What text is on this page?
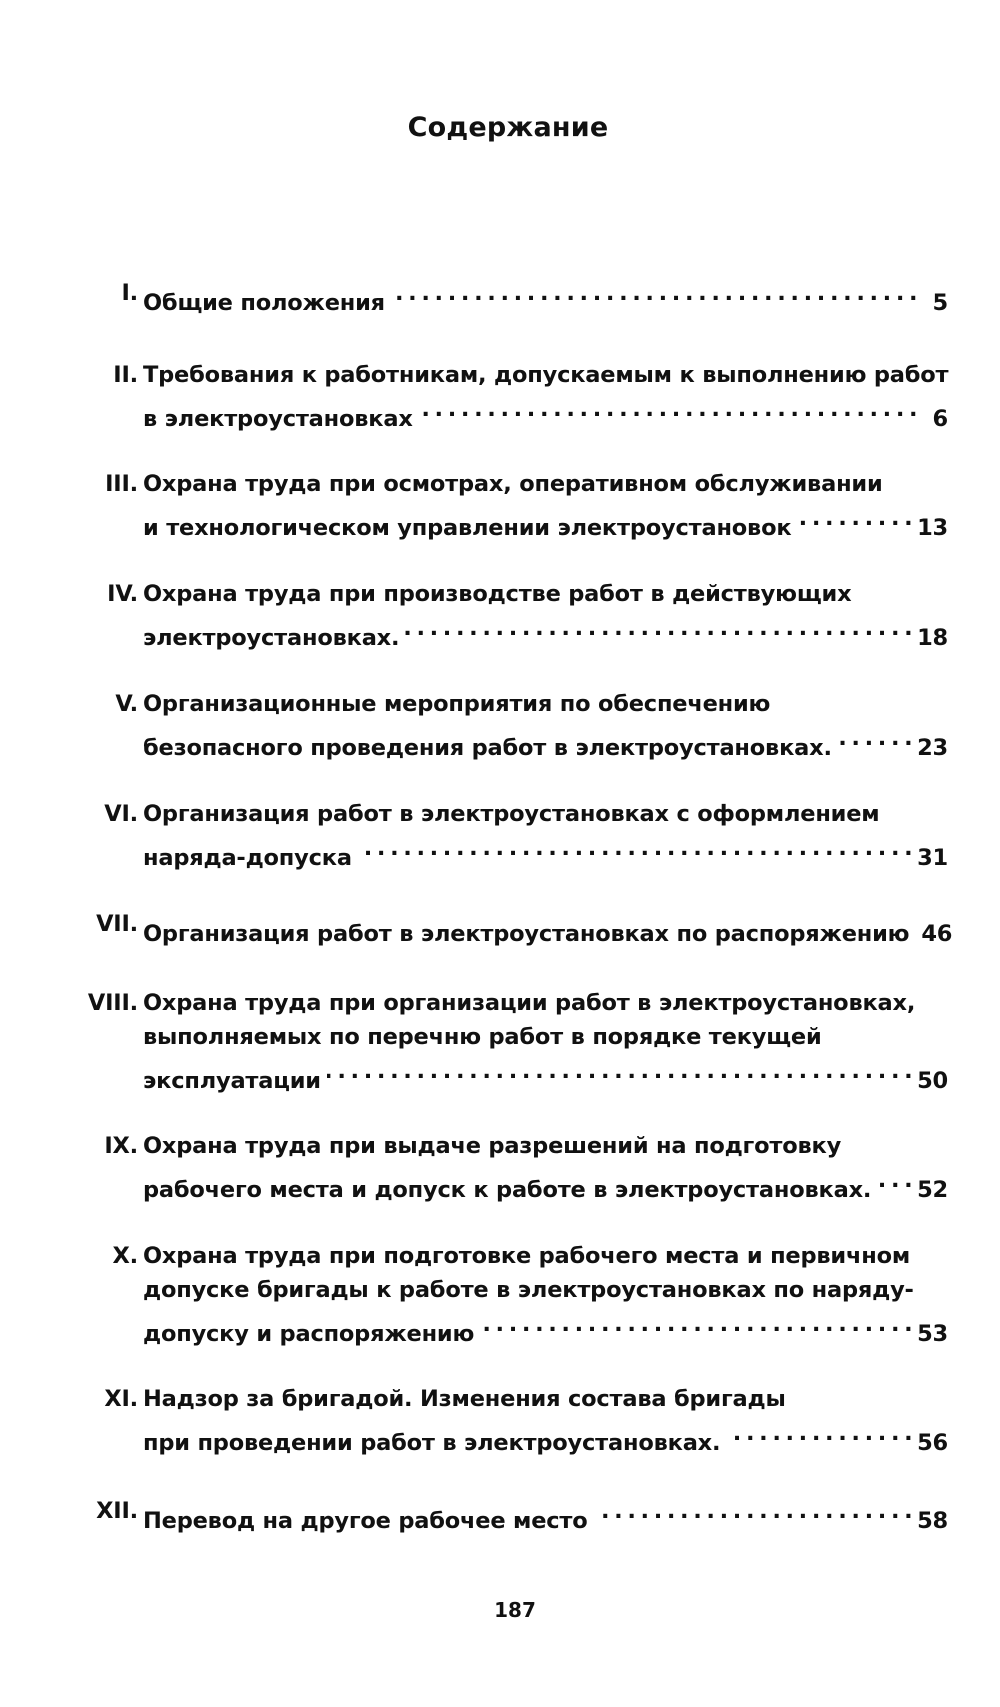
Содержание
I. Общие положения . . .	5
II. Требования к работникам, допускаемым к выполнению работ
в электроустановках . . .	6
III. Охрана труда при осмотрах, оперативном обслуживании
и технологическом управлении электроустановок . . .	13
IV. Охрана труда при производстве работ в действующих
электроустановках. . . .	18
V. Организационные мероприятия по обеспечению
безопасного проведения работ в электроустановках. . . .	23
VI. Организация работ в электроустановках с оформлением
наряда-допуска . . .	31
VII. Организация работ в электроустановках по распоряжению 46
VIII. Охрана труда при организации работ в электроустановках,
выполняемых по перечню работ в порядке текущей
эксплуатации . . .	50
IX. Охрана труда при выдаче разрешений на подготовку
рабочего места и допуск к работе в электроустановках. . . . 52
X. Охрана труда при подготовке рабочего места и первичном
допуске бригады к работе в электроустановках по наряду-
допуску и распоряжению . . .	53
XI. Надзор за бригадой. Изменения состава бригады
при проведении работ в электроустановках. . . .	56
XII. Перевод на другое рабочее место . . .	58
187
